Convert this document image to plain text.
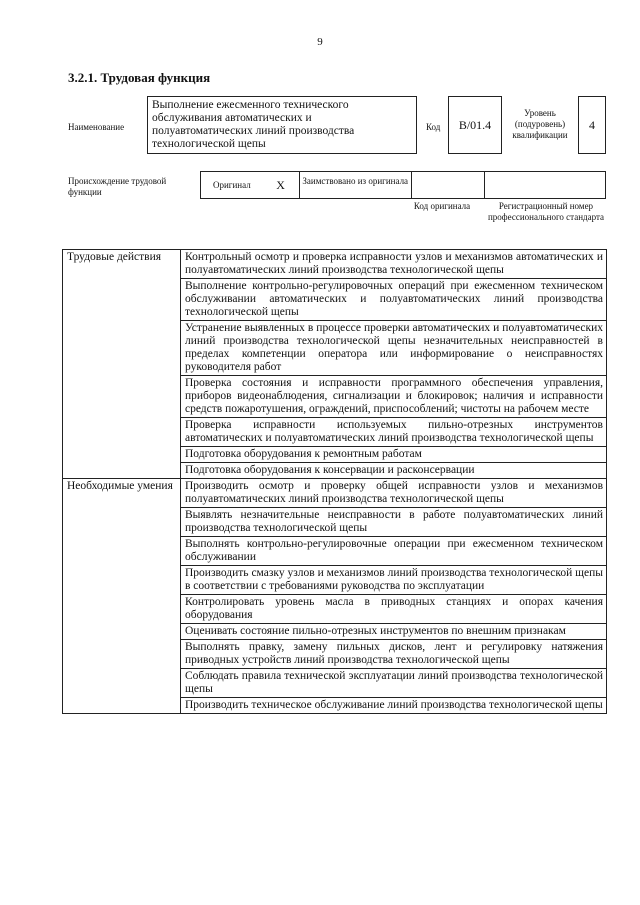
9
3.2.1. Трудовая функция
Наименование
Выполнение ежесменного технического обслуживания автоматических и полуавтоматических линий производства технологической щепы
Код	В/01.4
Уровень (подуровень) квалификации
4
Происхождение трудовой функции
Оригинал	X	Заимствовано из оригинала
Код оригинала	Регистрационный номер профессионального стандарта
Трудовые действия	Контрольный осмотр и проверка исправности узлов и механизмов автоматических и полуавтоматических линий производства технологической щепы
	Выполнение контрольно-регулировочных операций при ежесменном техническом обслуживании автоматических и полуавтоматических линий производства технологической щепы
	Устранение выявленных в процессе проверки автоматических и полуавтоматических линий производства технологической щепы незначительных неисправностей в пределах компетенции оператора или информирование о неисправностях руководителя работ
	Проверка состояния и исправности программного обеспечения управления, приборов видеонаблюдения, сигнализации и блокировок; наличия и исправности средств пожаротушения, ограждений, приспособлений; чистоты на рабочем месте
	Проверка исправности используемых пильно-отрезных инструментов автоматических и полуавтоматических линий производства технологической щепы
	Подготовка оборудования к ремонтным работам
	Подготовка оборудования к консервации и расконсервации
Необходимые умения	Производить осмотр и проверку общей исправности узлов и механизмов полуавтоматических линий производства технологической щепы
	Выявлять незначительные неисправности в работе полуавтоматических линий производства технологической щепы
	Выполнять контрольно-регулировочные операции при ежесменном техническом обслуживании
	Производить смазку узлов и механизмов линий производства технологической щепы в соответствии с требованиями руководства по эксплуатации
	Контролировать уровень масла в приводных станциях и опорах качения оборудования
	Оценивать состояние пильно-отрезных инструментов по внешним признакам
	Выполнять правку, замену пильных дисков, лент и регулировку натяжения приводных устройств линий производства технологической щепы
	Соблюдать правила технической эксплуатации линий производства технологической щепы
	Производить техническое обслуживание линий производства технологической щепы
